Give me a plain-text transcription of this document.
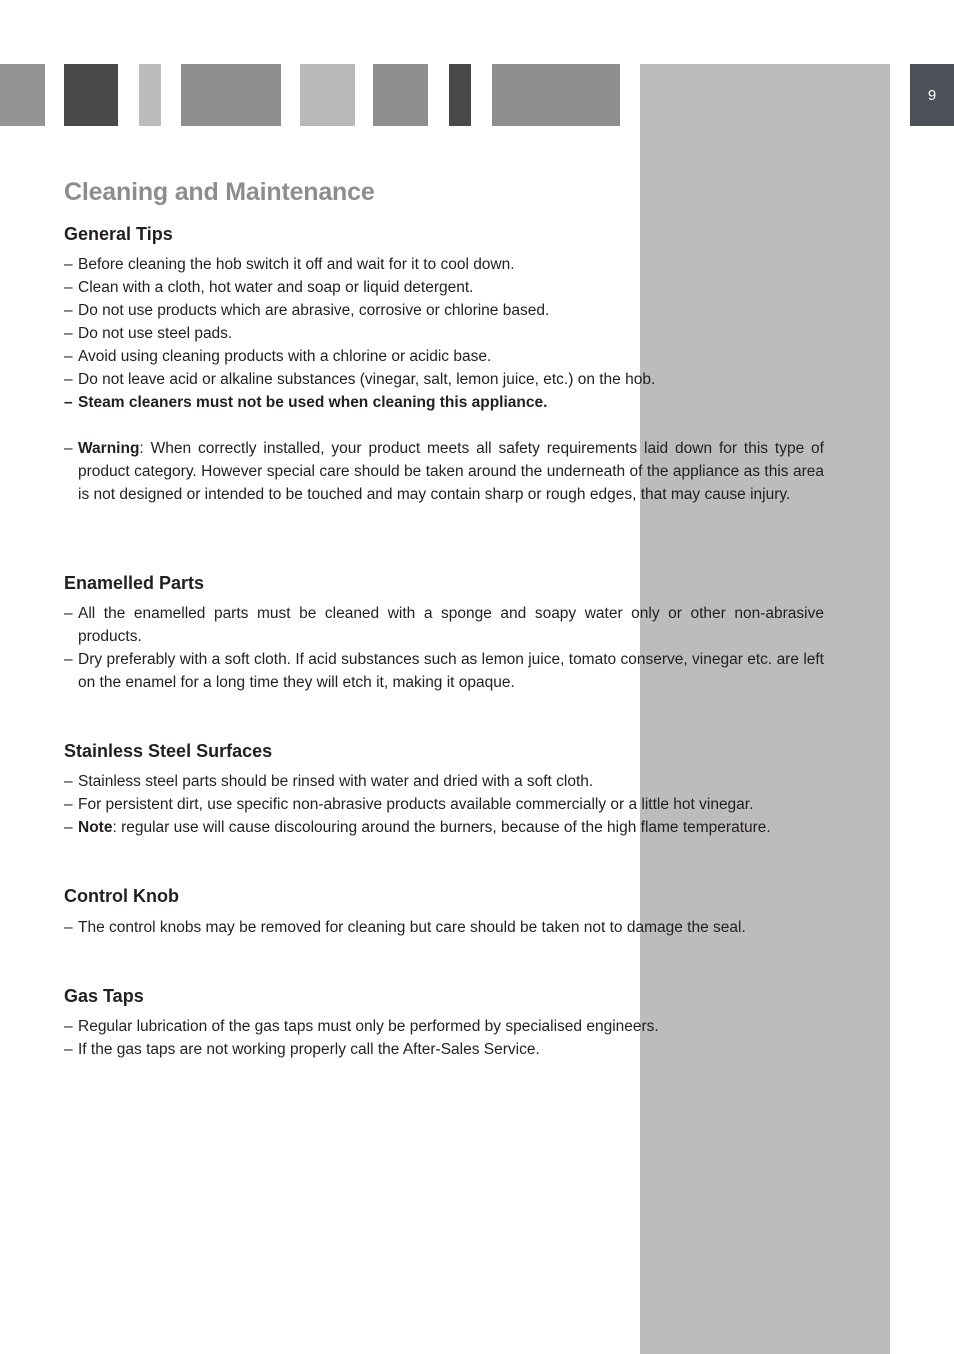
9
Cleaning and Maintenance
General Tips
– Before cleaning the hob switch it off and wait for it to cool down.
– Clean with a cloth, hot water and soap or liquid detergent.
– Do not use products which are abrasive, corrosive or chlorine based.
– Do not use steel pads.
– Avoid using cleaning products with a chlorine or acidic base.
– Do not leave acid or alkaline substances (vinegar, salt, lemon juice, etc.) on the hob.
– Steam cleaners must not be used when cleaning this appliance.
– Warning: When correctly installed, your product meets all safety requirements laid down for this type of product category. However special care should be taken around the underneath of the appliance as this area is not designed or intended to be touched and may contain sharp or rough edges, that may cause injury.
Enamelled Parts
– All the enamelled parts must be cleaned with a sponge and soapy water only or other non-abrasive products.
– Dry preferably with a soft cloth. If acid substances such as lemon juice, tomato conserve, vinegar etc. are left on the enamel for a long time they will etch it, making it opaque.
Stainless Steel Surfaces
– Stainless steel parts should be rinsed with water and dried with a soft cloth.
– For persistent dirt, use specific non-abrasive products available commercially or a little hot vinegar.
– Note: regular use will cause discolouring around the burners, because of the high flame temperature.
Control Knob
– The control knobs may be removed for cleaning but care should be taken not to damage the seal.
Gas Taps
– Regular lubrication of the gas taps must only be performed by specialised engineers.
– If the gas taps are not working properly call the After-Sales Service.
